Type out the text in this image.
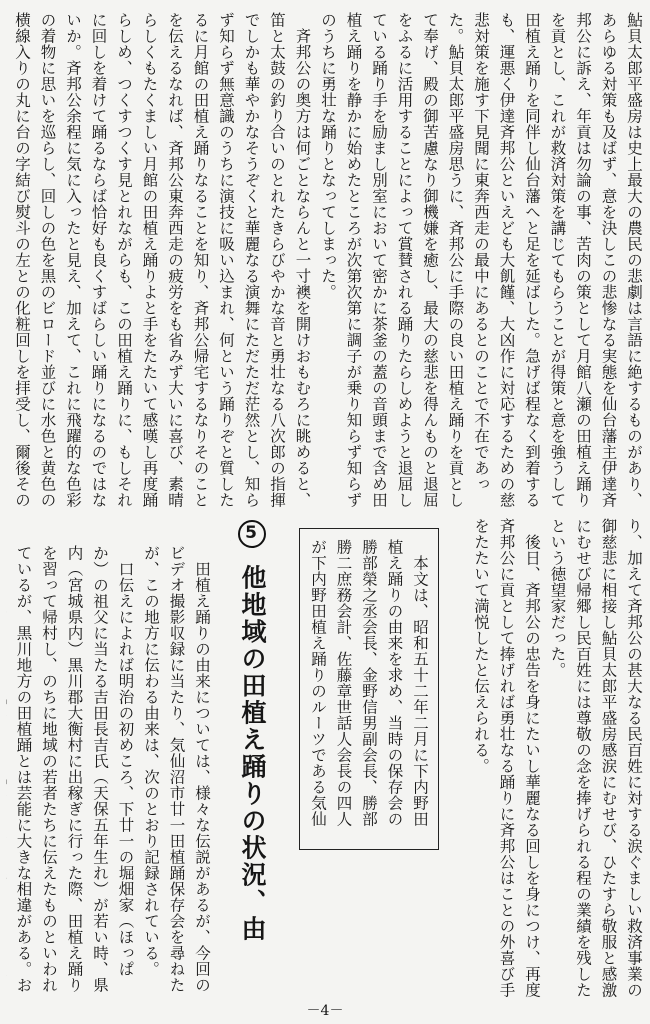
鮎貝太郎平盛房は史上最大の農民の悲劇は言語に絶するものがあり、あらゆる対策も及ばず、意を決しこの悲惨なる実態を仙台藩主伊達斉邦公に訴え、年貢は勿論の事、苦肉の策として月館八瀬の田植え踊りを貢とし、これが救済対策を講じてもらうことが得策と意を強うして田植え踊りを同伴し仙台藩へと足を延ばした。急げば程なく到着するも、運悪く伊達斉邦公といえども大飢饉、大凶作に対応するための慈悲対策を施す下見聞に東奔西走の最中にあるとのことで不在であった。鮎貝太郎平盛房思うに、斉邦公に手際の良い田植え踊りを貢として奉げ、殿の御苦慮なり御機嫌を癒し、最大の慈悲を得んものと退屈をふるに活用することによって賞賛される踊りたらしめようと退屈している踊り手を励まし別室において密かに茶釜の蓋の音頭まで含め田植え踊りを静かに始めたところが次第次第に調子が乗り知らず知らずのうちに勇壮な踊りとなってしまった。

斉邦公の奥方は何ごとならんと一寸襖を開けおもむろに眺めると、笛と太鼓の釣り合いのとれたきらびやかな音と勇壮なる八次郎の指揮でしかも華やかなそうぞくと華麗なる演舞にただただ茫然とし、知らず知らず無意識のうちに演技に吸い込まれ、何という踊りぞと質したるに月館の田植え踊りなることを知り、斉邦公帰宅するなりそのことを伝えるなれば、斉邦公東奔西走の疲労をも省みず大いに喜び、素晴らしくもたくましい月館の田植え踊りよと手をたたいて感嘆し再度踊らしめ、つくすつくす見とれながらも、この田植え踊りに、もしそれに回しを着けて踊るならば恰好も良くすばらしい踊りになるのではないか。斉邦公余程に気に入ったと見え、加えて、これに飛躍的な色彩の着物に思いを巡らし、回しの色を黒のビロード並びに水色と黄色の横線入りの丸に台の字結び熨斗の左との化粧回しを拝受し、爾後その

り、加えて斉邦公の甚大なる民百姓に対する涙ぐましい救済事業の御慈悲に相接し鮎貝太郎平盛房感涙にむせび、ひたすら敬服と感激にむせび帰郷し民百姓には尊敬の念を捧げられる程の業績を残したという徳望家だった。

後日、斉邦公の忠告を身にたいし華麗なる回しを身につけ、再度斉邦公に貢として捧げれば勇壮なる踊りに斉邦公はことの外喜び手をたたいて満悦したと伝えられる。

本文は、昭和五十二年二月に下内野田植え踊りの由来を求め、当時の保存会の勝部榮之丞会長、金野信男副会長、勝部勝二庶務会計、佐藤章世話人会長の四人が下内野田植え踊りのルーツである気仙

5 他地域の田植え踊りの状況、由

田植え踊りの由来については、様々な伝説があるが、今回のビデオ撮影収録に当たり、気仙沼市廿一田植踊保存会を尋ねたが、この地方に伝わる由来は、次のとおり記録されている。

口伝えによれば明治の初めころ、下廿一の堀畑家（ほっぱか）の祖父に当たる吉田長吉氏（天保五年生れ）が若い時、県内（宮城県内）黒川郡大衡村に出稼ぎに行った際、田植え踊りを習って帰村し、のちに地域の若者たちに伝えたものといわれているが、黒川地方の田植踊とは芸能に大きな相違がある。お

－4－
